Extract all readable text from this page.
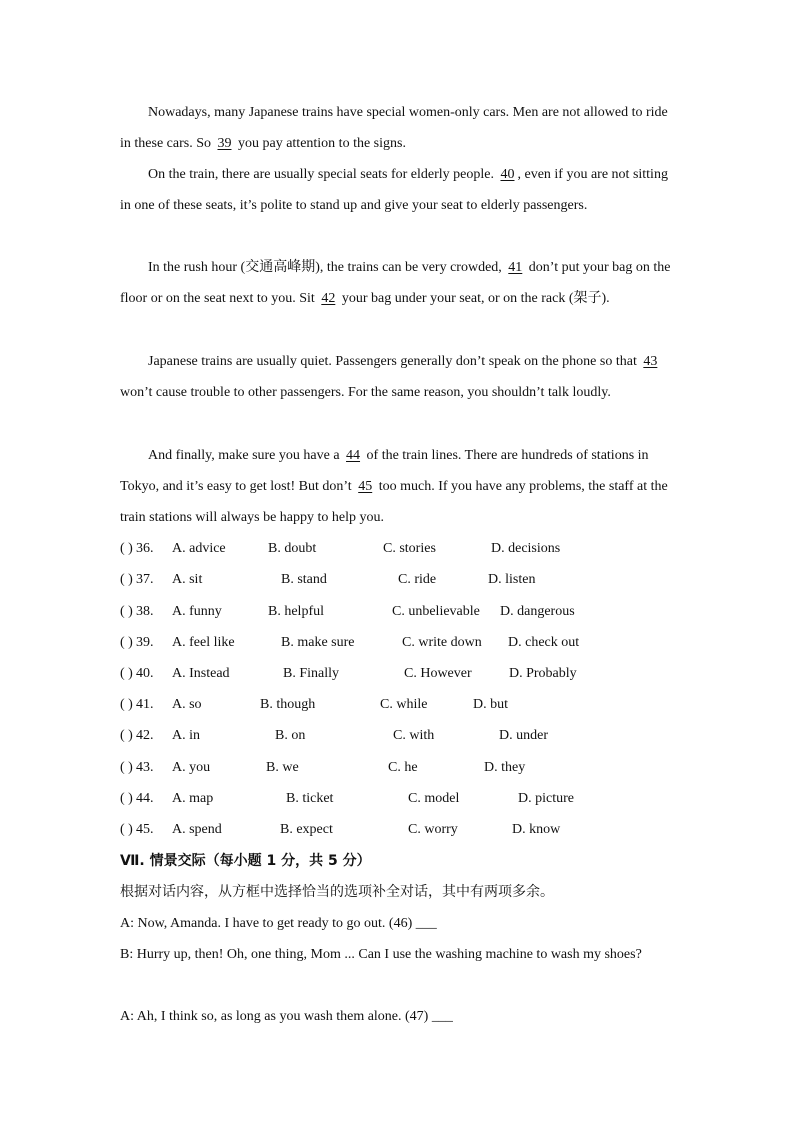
Nowadays, many Japanese trains have special women-only cars. Men are not allowed to ride in these cars. So 39 you pay attention to the signs.

On the train, there are usually special seats for elderly people. 40 , even if you are not sitting in one of these seats, it’s polite to stand up and give your seat to elderly passengers.

In the rush hour (交通高峰期), the trains can be very crowded, 41 don’t put your bag on the floor or on the seat next to you. Sit 42 your bag under your seat, or on the rack (架子).

Japanese trains are usually quiet. Passengers generally don’t speak on the phone so that 43 won’t cause trouble to other passengers. For the same reason, you shouldn’t talk loudly.

And finally, make sure you have a 44 of the train lines. There are hundreds of stations in Tokyo, and it’s easy to get lost! But don’t 45 too much. If you have any problems, the staff at the train stations will always be happy to help you.

( ) 36. A. advice	B. doubt	C. stories	D. decisions
( ) 37. A. sit	B. stand	C. ride	D. listen
( ) 38. A. funny	B. helpful	C. unbelievable D. dangerous
( ) 39. A. feel like	B. make sure	C. write down D. check out
( ) 40. A. Instead	B. Finally	C. However	D. Probably
( ) 41. A. so	B. though	C. while	D. but
( ) 42. A. in	B. on	C. with	D. under
( ) 43. A. you	B. we	C. he	D. they
( ) 44. A. map	B. ticket	C. model	D. picture
( ) 45. A. spend	B. expect	C. worry	D. know
Ⅶ. 情景交际（每小题 1 分，共 5 分）
根据对话内容，从方框中选择恰当的选项补全对话，其中有两项多余。
A: Now, Amanda. I have to get ready to go out. (46) ___
B: Hurry up, then! Oh, one thing, Mom ... Can I use the washing machine to wash my shoes?
A: Ah, I think so, as long as you wash them alone. (47) ___
